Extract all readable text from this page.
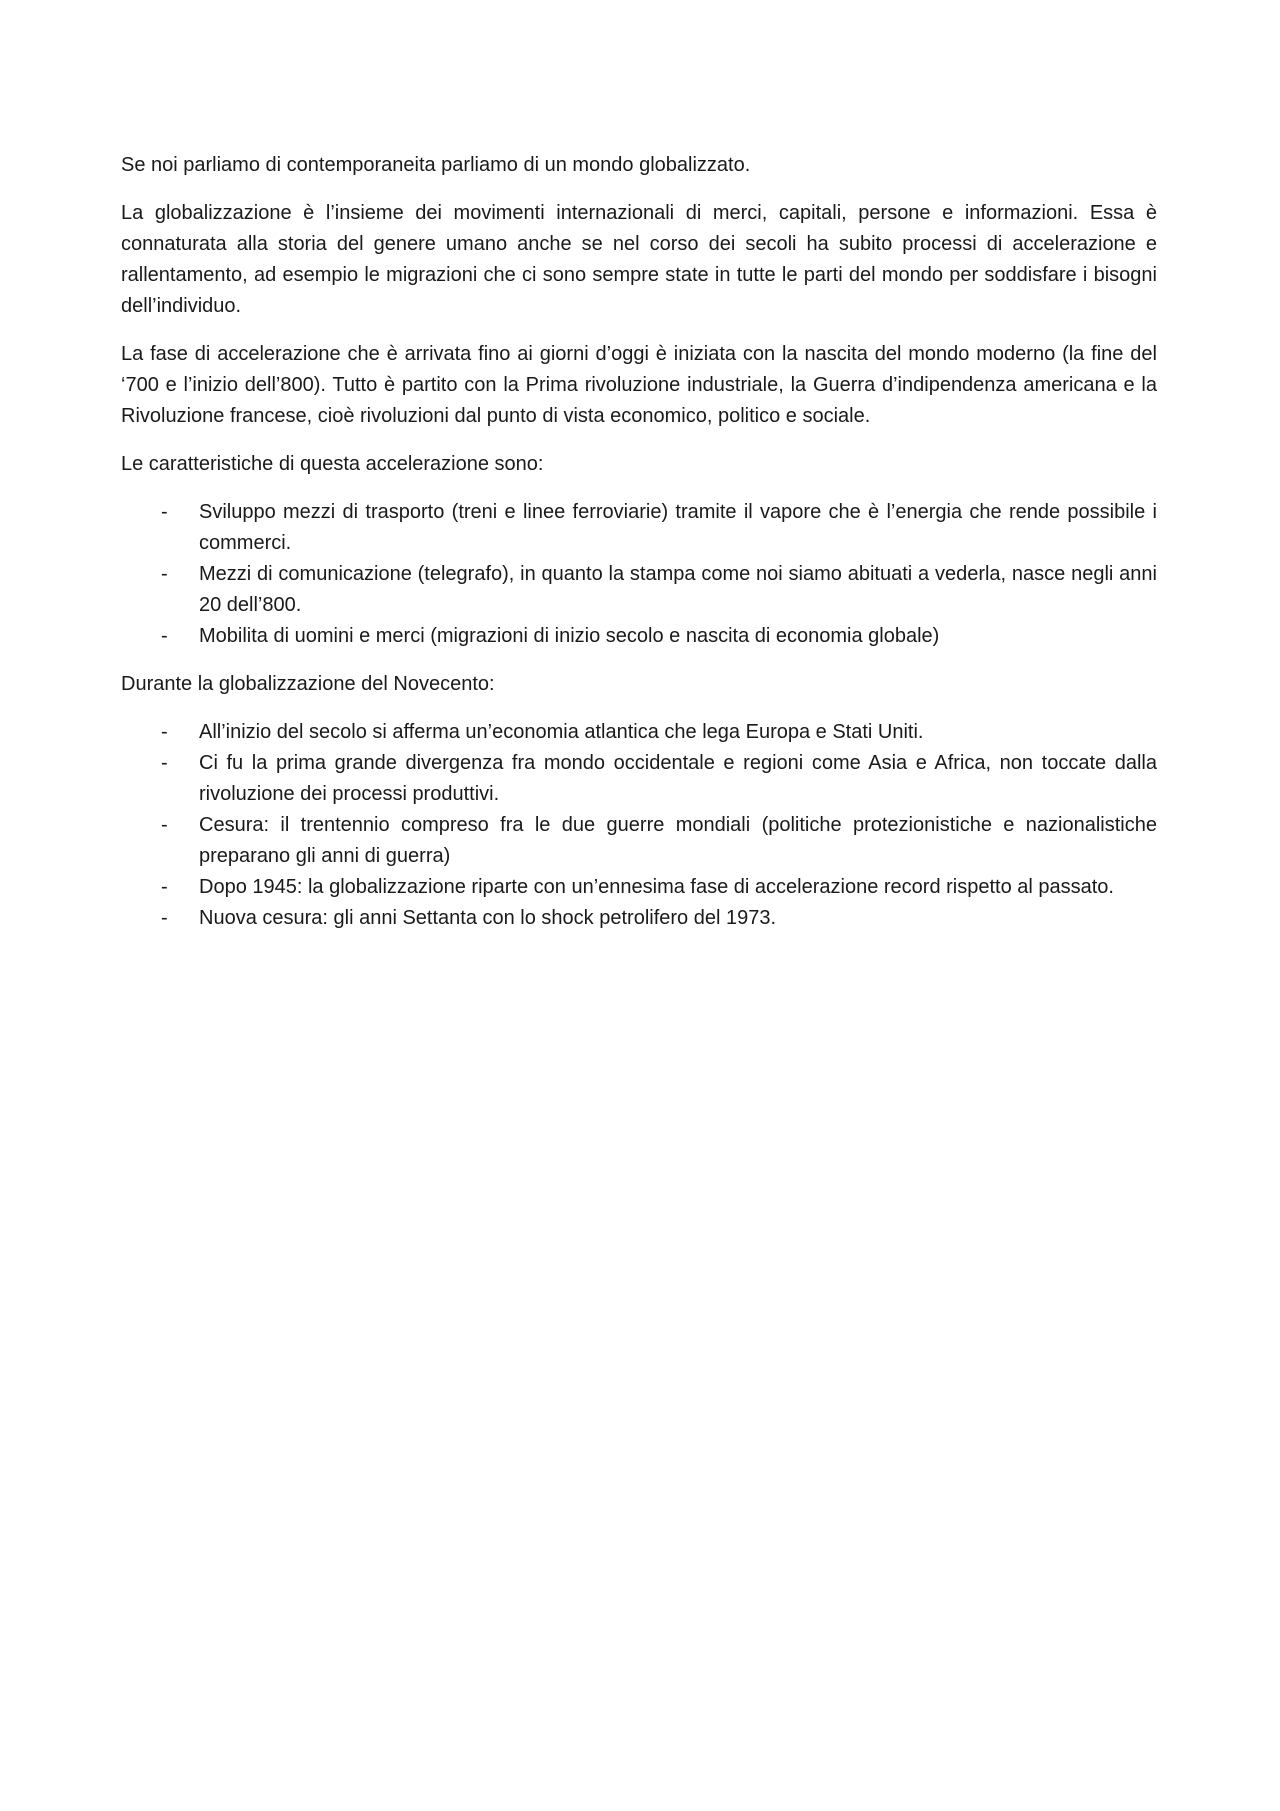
Se noi parliamo di contemporaneita parliamo di un mondo globalizzato.

La globalizzazione è l’insieme dei movimenti internazionali di merci, capitali, persone e informazioni. Essa è connaturata alla storia del genere umano anche se nel corso dei secoli ha subito processi di accelerazione e rallentamento, ad esempio le migrazioni che ci sono sempre state in tutte le parti del mondo per soddisfare i bisogni dell’individuo.

La fase di accelerazione che è arrivata fino ai giorni d’oggi è iniziata con la nascita del mondo moderno (la fine del ‘700 e l’inizio dell’800). Tutto è partito con la Prima rivoluzione industriale, la Guerra d’indipendenza americana e la Rivoluzione francese, cioè rivoluzioni dal punto di vista economico, politico e sociale.

Le caratteristiche di questa accelerazione sono:

- Sviluppo mezzi di trasporto (treni e linee ferroviarie) tramite il vapore che è l’energia che rende possibile i commerci.
- Mezzi di comunicazione (telegrafo), in quanto la stampa come noi siamo abituati a vederla, nasce negli anni 20 dell’800.
- Mobilita di uomini e merci (migrazioni di inizio secolo e nascita di economia globale)

Durante la globalizzazione del Novecento:

- All’inizio del secolo si afferma un’economia atlantica che lega Europa e Stati Uniti.
- Ci fu la prima grande divergenza fra mondo occidentale e regioni come Asia e Africa, non toccate dalla rivoluzione dei processi produttivi.
- Cesura: il trentennio compreso fra le due guerre mondiali (politiche protezionistiche e nazionalistiche preparano gli anni di guerra)
- Dopo 1945: la globalizzazione riparte con un’ennesima fase di accelerazione record rispetto al passato.
- Nuova cesura: gli anni Settanta con lo shock petrolifero del 1973.
